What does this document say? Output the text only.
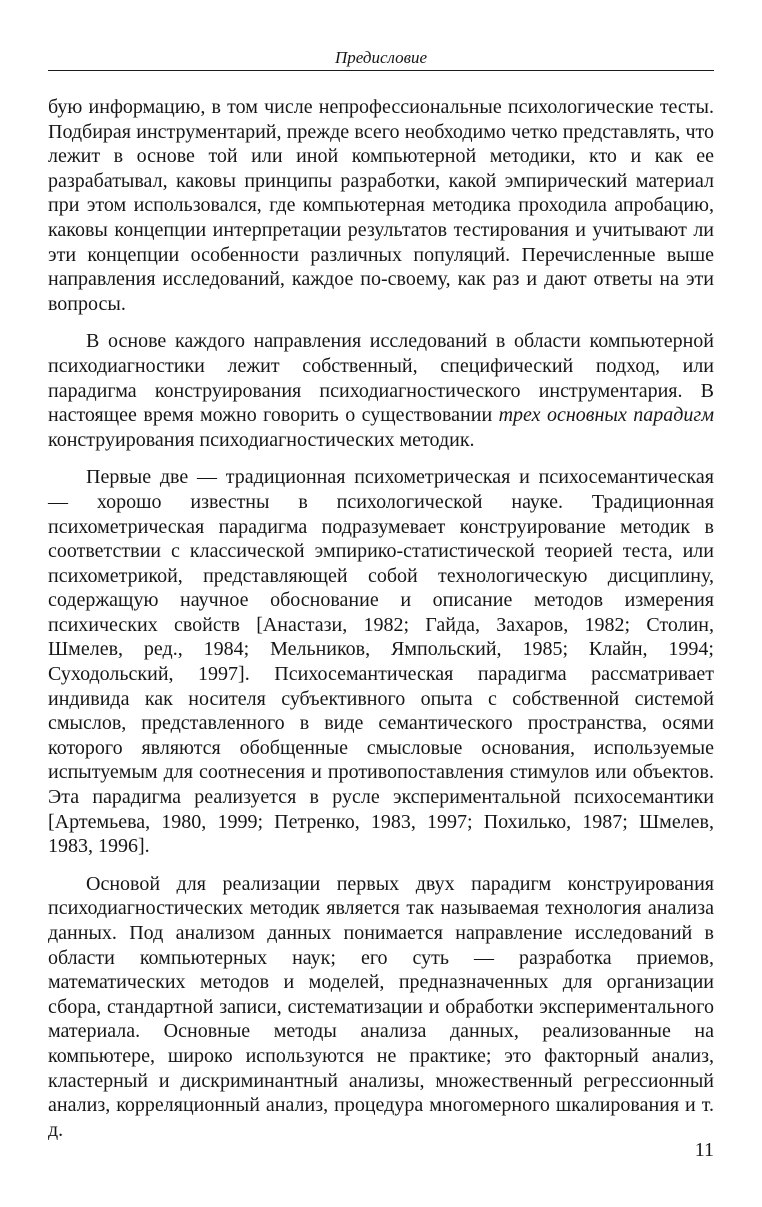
Предисловие

бую информацию, в том числе непрофессиональные психологические тесты. Подбирая инструментарий, прежде всего необходимо четко представлять, что лежит в основе той или иной компьютерной методики, кто и как ее разрабатывал, каковы принципы разработки, какой эмпирический материал при этом использовался, где компьютерная методика проходила апробацию, каковы концепции интерпретации результатов тестирования и учитывают ли эти концепции особенности различных популяций. Перечисленные выше направления исследований, каждое по-своему, как раз и дают ответы на эти вопросы.

В основе каждого направления исследований в области компьютерной психодиагностики лежит собственный, специфический подход, или парадигма конструирования психодиагностического инструментария. В настоящее время можно говорить о существовании трех основных парадигм конструирования психодиагностических методик.

Первые две — традиционная психометрическая и психосемантическая — хорошо известны в психологической науке. Традиционная психометрическая парадигма подразумевает конструирование методик в соответствии с классической эмпирико-статистической теорией теста, или психометрикой, представляющей собой технологическую дисциплину, содержащую научное обоснование и описание методов измерения психических свойств [Анастази, 1982; Гайда, Захаров, 1982; Столин, Шмелев, ред., 1984; Мельников, Ямпольский, 1985; Клайн, 1994; Суходольский, 1997]. Психосемантическая парадигма рассматривает индивида как носителя субъективного опыта с собственной системой смыслов, представленного в виде семантического пространства, осями которого являются обобщенные смысловые основания, используемые испытуемым для соотнесения и противопоставления стимулов или объектов. Эта парадигма реализуется в русле экспериментальной психосемантики [Артемьева, 1980, 1999; Петренко, 1983, 1997; Похилько, 1987; Шмелев, 1983, 1996].

Основой для реализации первых двух парадигм конструирования психодиагностических методик является так называемая технология анализа данных. Под анализом данных понимается направление исследований в области компьютерных наук; его суть — разработка приемов, математических методов и моделей, предназначенных для организации сбора, стандартной записи, систематизации и обработки экспериментального материала. Основные методы анализа данных, реализованные на компьютере, широко используются не практике; это факторный анализ, кластерный и дискриминантный анализы, множественный регрессионный анализ, корреляционный анализ, процедура многомерного шкалирования и т. д.

11
